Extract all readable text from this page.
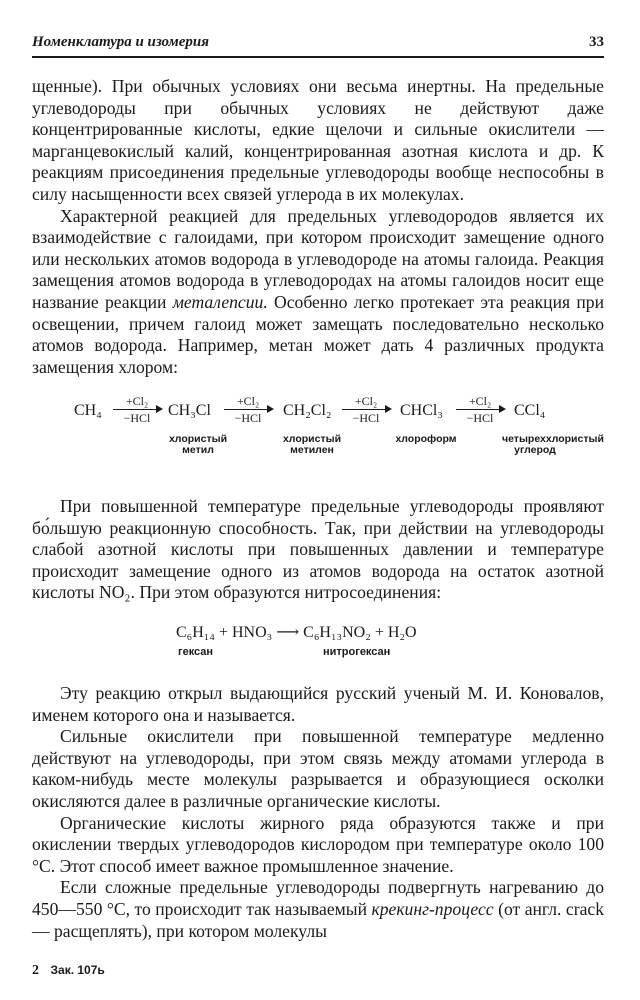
Номенклатура и изомерия	33

щенные). При обычных условиях они весьма инертны. На предельные углеводороды при обычных условиях не действуют даже концентрированные кислоты, едкие щелочи и сильные окислители — марганцевокислый калий, концентрированная азотная кислота и др. К реакциям присоединения предельные углеводороды вообще неспособны в силу насыщенности всех связей углерода в их молекулах.

Характерной реакцией для предельных углеводородов является их взаимодействие с галоидами, при котором происходит замещение одного или нескольких атомов водорода в углеводороде на атомы галоида. Реакция замещения атомов водорода в углеводородах на атомы галоидов носит еще название реакции металепсии. Особенно легко протекает эта реакция при освещении, причем галоид может замещать последовательно несколько атомов водорода. Например, метан может дать 4 различных продукта замещения хлором:

CH₄
+Cl₂
−HCl	CH₃Cl
+Cl₂
−HCl	CH₂Cl₂
+Cl₂
−HCl	CHCl₃
+Cl₂
−HCl	CCl₄
хлористый метил
хлористый метилен
хлороформ	четыреххлористый углерод

При повышенной температуре предельные углеводороды проявляют бо́льшую реакционную способность. Так, при действии на углеводороды слабой азотной кислоты при повышенных давлении и температуре происходит замещение одного из атомов водорода на остаток азотной кислоты NO₂. При этом образуются нитросоединения:

C₆H₁₄ + HNO₃ ⟶ C₆H₁₃NO₂ + H₂O
гексан	нитрогексан

Эту реакцию открыл выдающийся русский ученый М. И. Коновалов, именем которого она и называется.

Сильные окислители при повышенной температуре медленно действуют на углеводороды, при этом связь между атомами углерода в каком-нибудь месте молекулы разрывается и образующиеся осколки окисляются далее в различные органические кислоты.

Органические кислоты жирного ряда образуются также и при окислении твердых углеводородов кислородом при температуре около 100 °С. Этот способ имеет важное промышленное значение.

Если сложные предельные углеводороды подвергнуть нагреванию до 450—550 °С, то происходит так называемый крекинг-процесс (от англ. crack — расщеплять), при котором молекулы

2 Зак. 107ь
